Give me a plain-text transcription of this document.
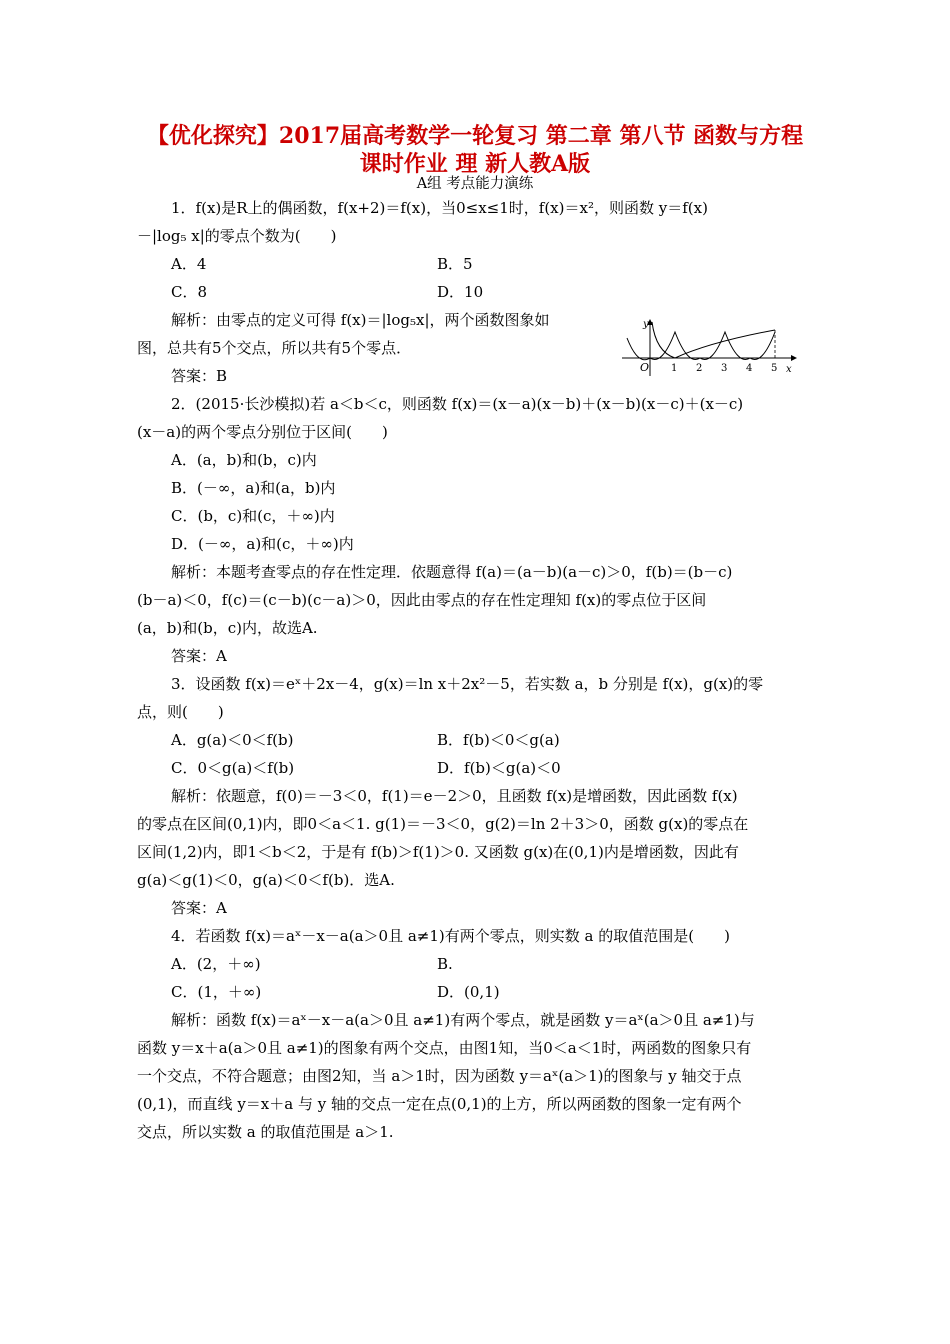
【优化探究】2017届高考数学一轮复习 第二章 第八节 函数与方程
课时作业 理 新人教A版
A组 考点能力演练
1．f(x)是R上的偶函数，f(x+2)＝f(x)，当0≤x≤1时，f(x)＝x²，则函数 y＝f(x)
－|log₅ x|的零点个数为(　　)
A．4	B．5
C．8	D．10
解析：由零点的定义可得 f(x)＝|log₅x|，两个函数图象如
图，总共有5个交点，所以共有5个零点．
答案：B
y
x
O 1 2 3 4 5
2．(2015·长沙模拟)若 a＜b＜c，则函数 f(x)＝(x－a)(x－b)＋(x－b)(x－c)＋(x－c)
(x－a)的两个零点分别位于区间(　　)
A．(a，b)和(b，c)内
B．(－∞，a)和(a，b)内
C．(b，c)和(c，＋∞)内
D．(－∞，a)和(c，＋∞)内
解析：本题考查零点的存在性定理．依题意得 f(a)＝(a－b)(a－c)＞0，f(b)＝(b－c)
(b－a)＜0，f(c)＝(c－b)(c－a)＞0，因此由零点的存在性定理知 f(x)的零点位于区间
(a，b)和(b，c)内，故选A.
答案：A
3．设函数 f(x)＝eˣ＋2x－4，g(x)＝ln x＋2x²－5，若实数 a，b 分别是 f(x)，g(x)的零
点，则(　　)
A．g(a)＜0＜f(b)	B．f(b)＜0＜g(a)
C．0＜g(a)＜f(b)	D．f(b)＜g(a)＜0
解析：依题意，f(0)＝－3＜0，f(1)＝e－2＞0，且函数 f(x)是增函数，因此函数 f(x)
的零点在区间(0,1)内，即0＜a＜1. g(1)＝－3＜0，g(2)＝ln 2＋3＞0，函数 g(x)的零点在
区间(1,2)内，即1＜b＜2，于是有 f(b)＞f(1)＞0. 又函数 g(x)在(0,1)内是增函数，因此有
g(a)＜g(1)＜0，g(a)＜0＜f(b)．选A.
答案：A
4．若函数 f(x)＝aˣ－x－a(a＞0且 a≠1)有两个零点，则实数 a 的取值范围是(　　)
A．(2，＋∞)	B.
C．(1，＋∞)	D．(0,1)
解析：函数 f(x)＝aˣ－x－a(a＞0且 a≠1)有两个零点，就是函数 y＝aˣ(a＞0且 a≠1)与
函数 y＝x＋a(a＞0且 a≠1)的图象有两个交点，由图1知，当0＜a＜1时，两函数的图象只有
一个交点，不符合题意；由图2知，当 a＞1时，因为函数 y＝aˣ(a＞1)的图象与 y 轴交于点
(0,1)，而直线 y＝x＋a 与 y 轴的交点一定在点(0,1)的上方，所以两函数的图象一定有两个
交点，所以实数 a 的取值范围是 a＞1.
